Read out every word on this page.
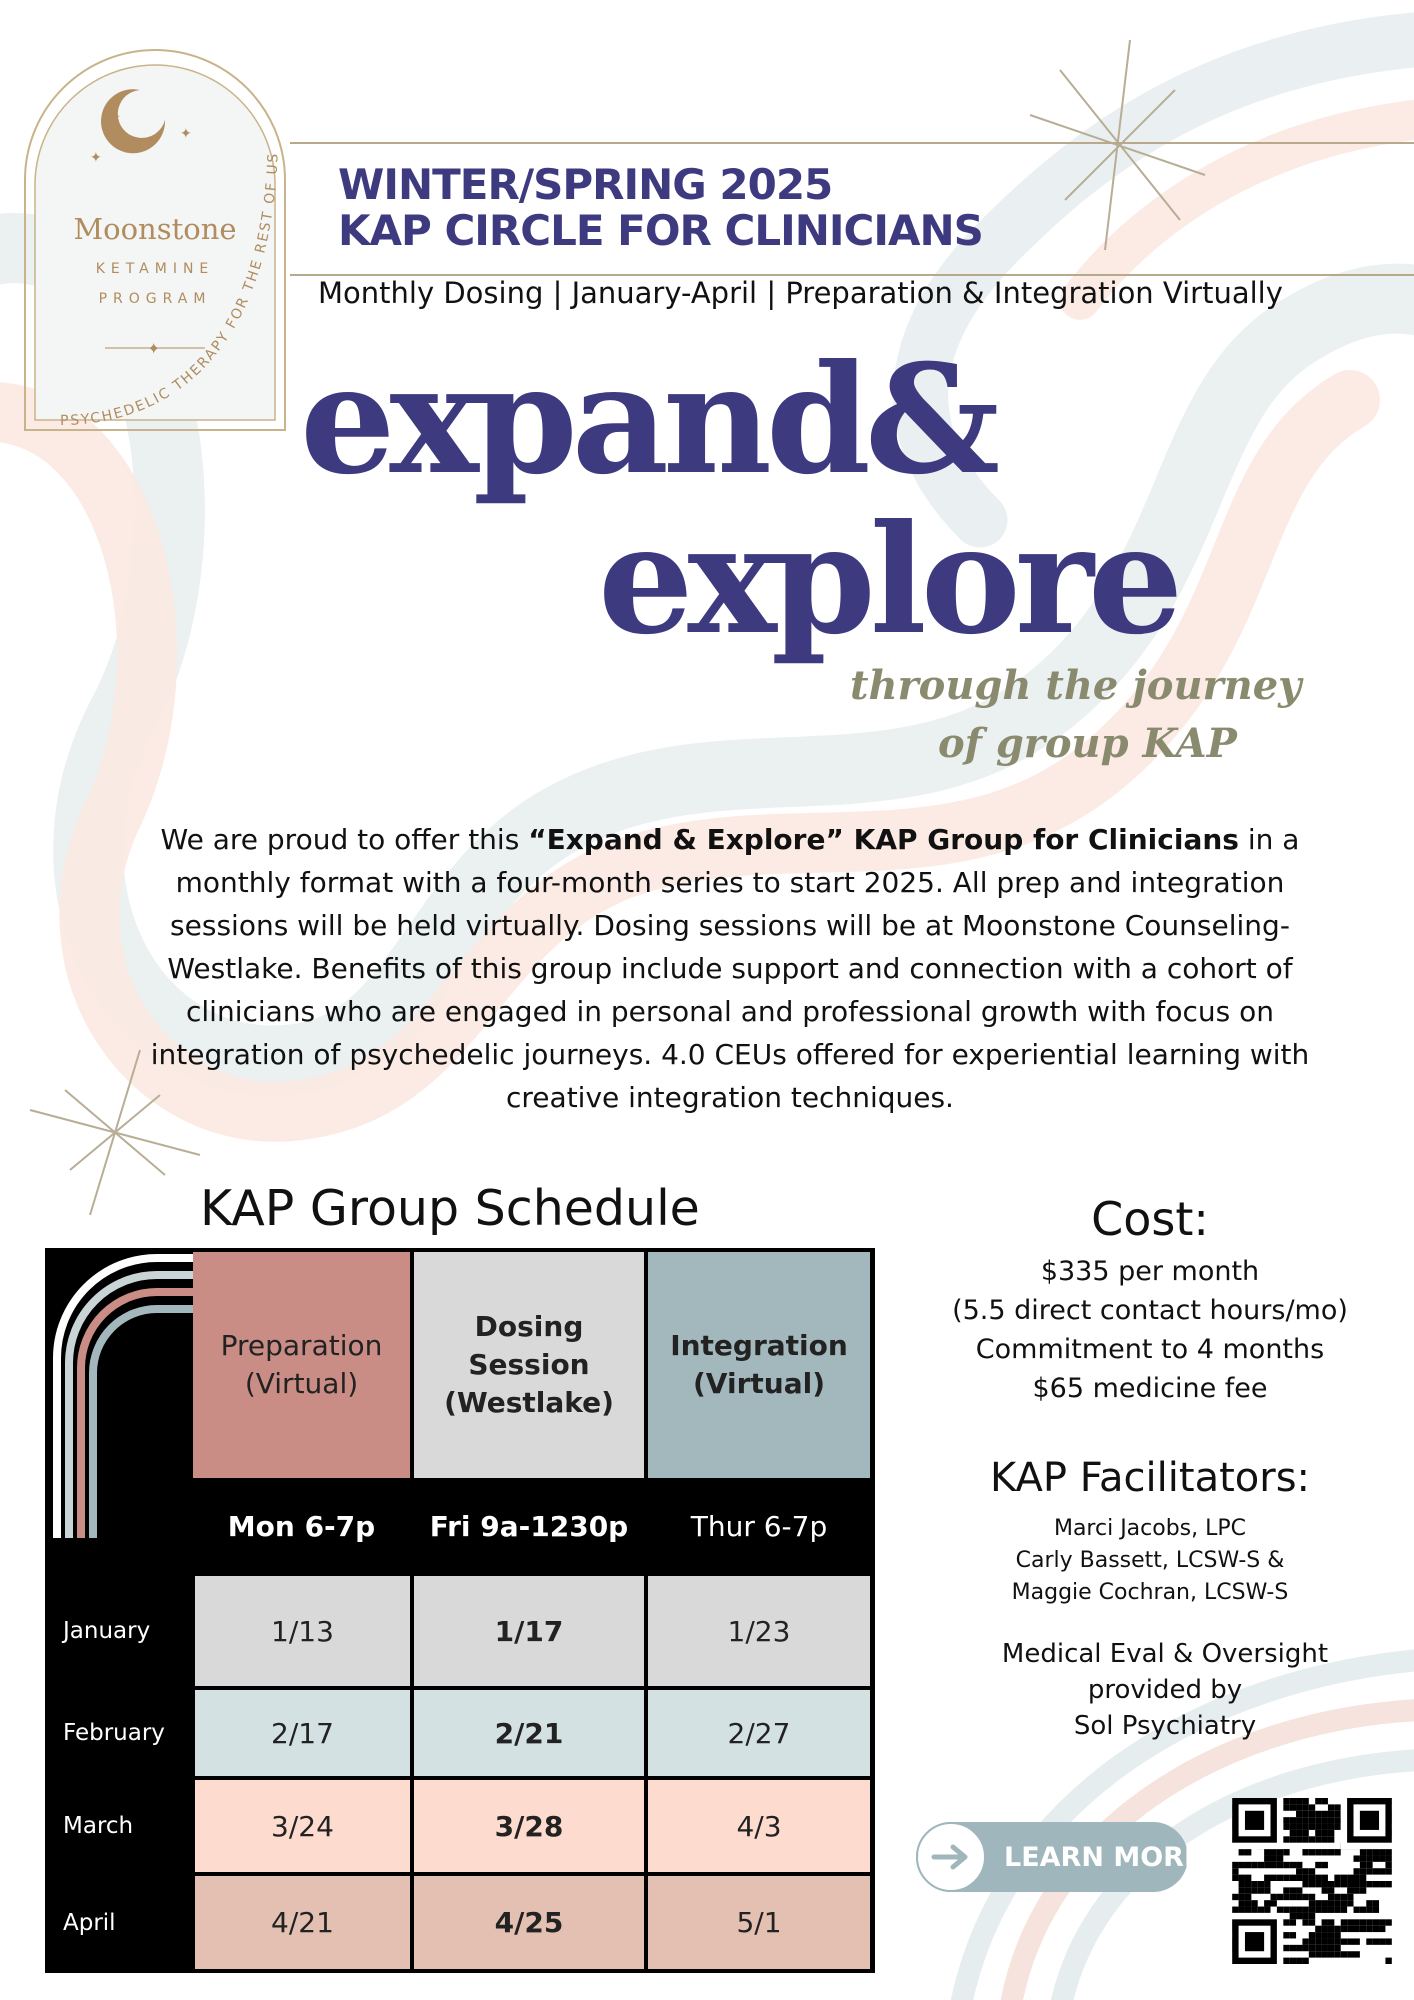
✦
✦
✦
✦
PSYCHEDELIC THERAPY FOR THE REST OF US
Moonstone
KETAMINE
PROGRAM
WINTER/SPRING 2025
KAP CIRCLE FOR CLINICIANS
Monthly Dosing | January-April | Preparation & Integration Virtually
expand&
explore
through the journey
of group KAP
We are proud to offer this “Expand & Explore” KAP Group for Clinicians in a monthly format with a four-month series to start 2025. All prep and integration sessions will be held virtually. Dosing sessions will be at Moonstone Counseling-Westlake. Benefits of this group include support and connection with a cohort of clinicians who are engaged in personal and professional growth with focus on integration of psychedelic journeys. 4.0 CEUs offered for experiential learning with creative integration techniques.
KAP Group Schedule
Preparation
(Virtual)
Dosing Session
(Westlake)
Integration
(Virtual)
Mon 6-7p	Fri 9a-1230p	Thur 6-7p
January	1/13	1/17	1/23
February	2/17	2/21	2/27
March	3/24	3/28	4/3
April	4/21	4/25	5/1
Cost:
$335 per month
(5.5 direct contact hours/mo)
Commitment to 4 months
$65 medicine fee
KAP Facilitators:
Marci Jacobs, LPC
Carly Bassett, LCSW-S &
Maggie Cochran, LCSW-S
Medical Eval & Oversight
provided by
Sol Psychiatry
LEARN MORE
